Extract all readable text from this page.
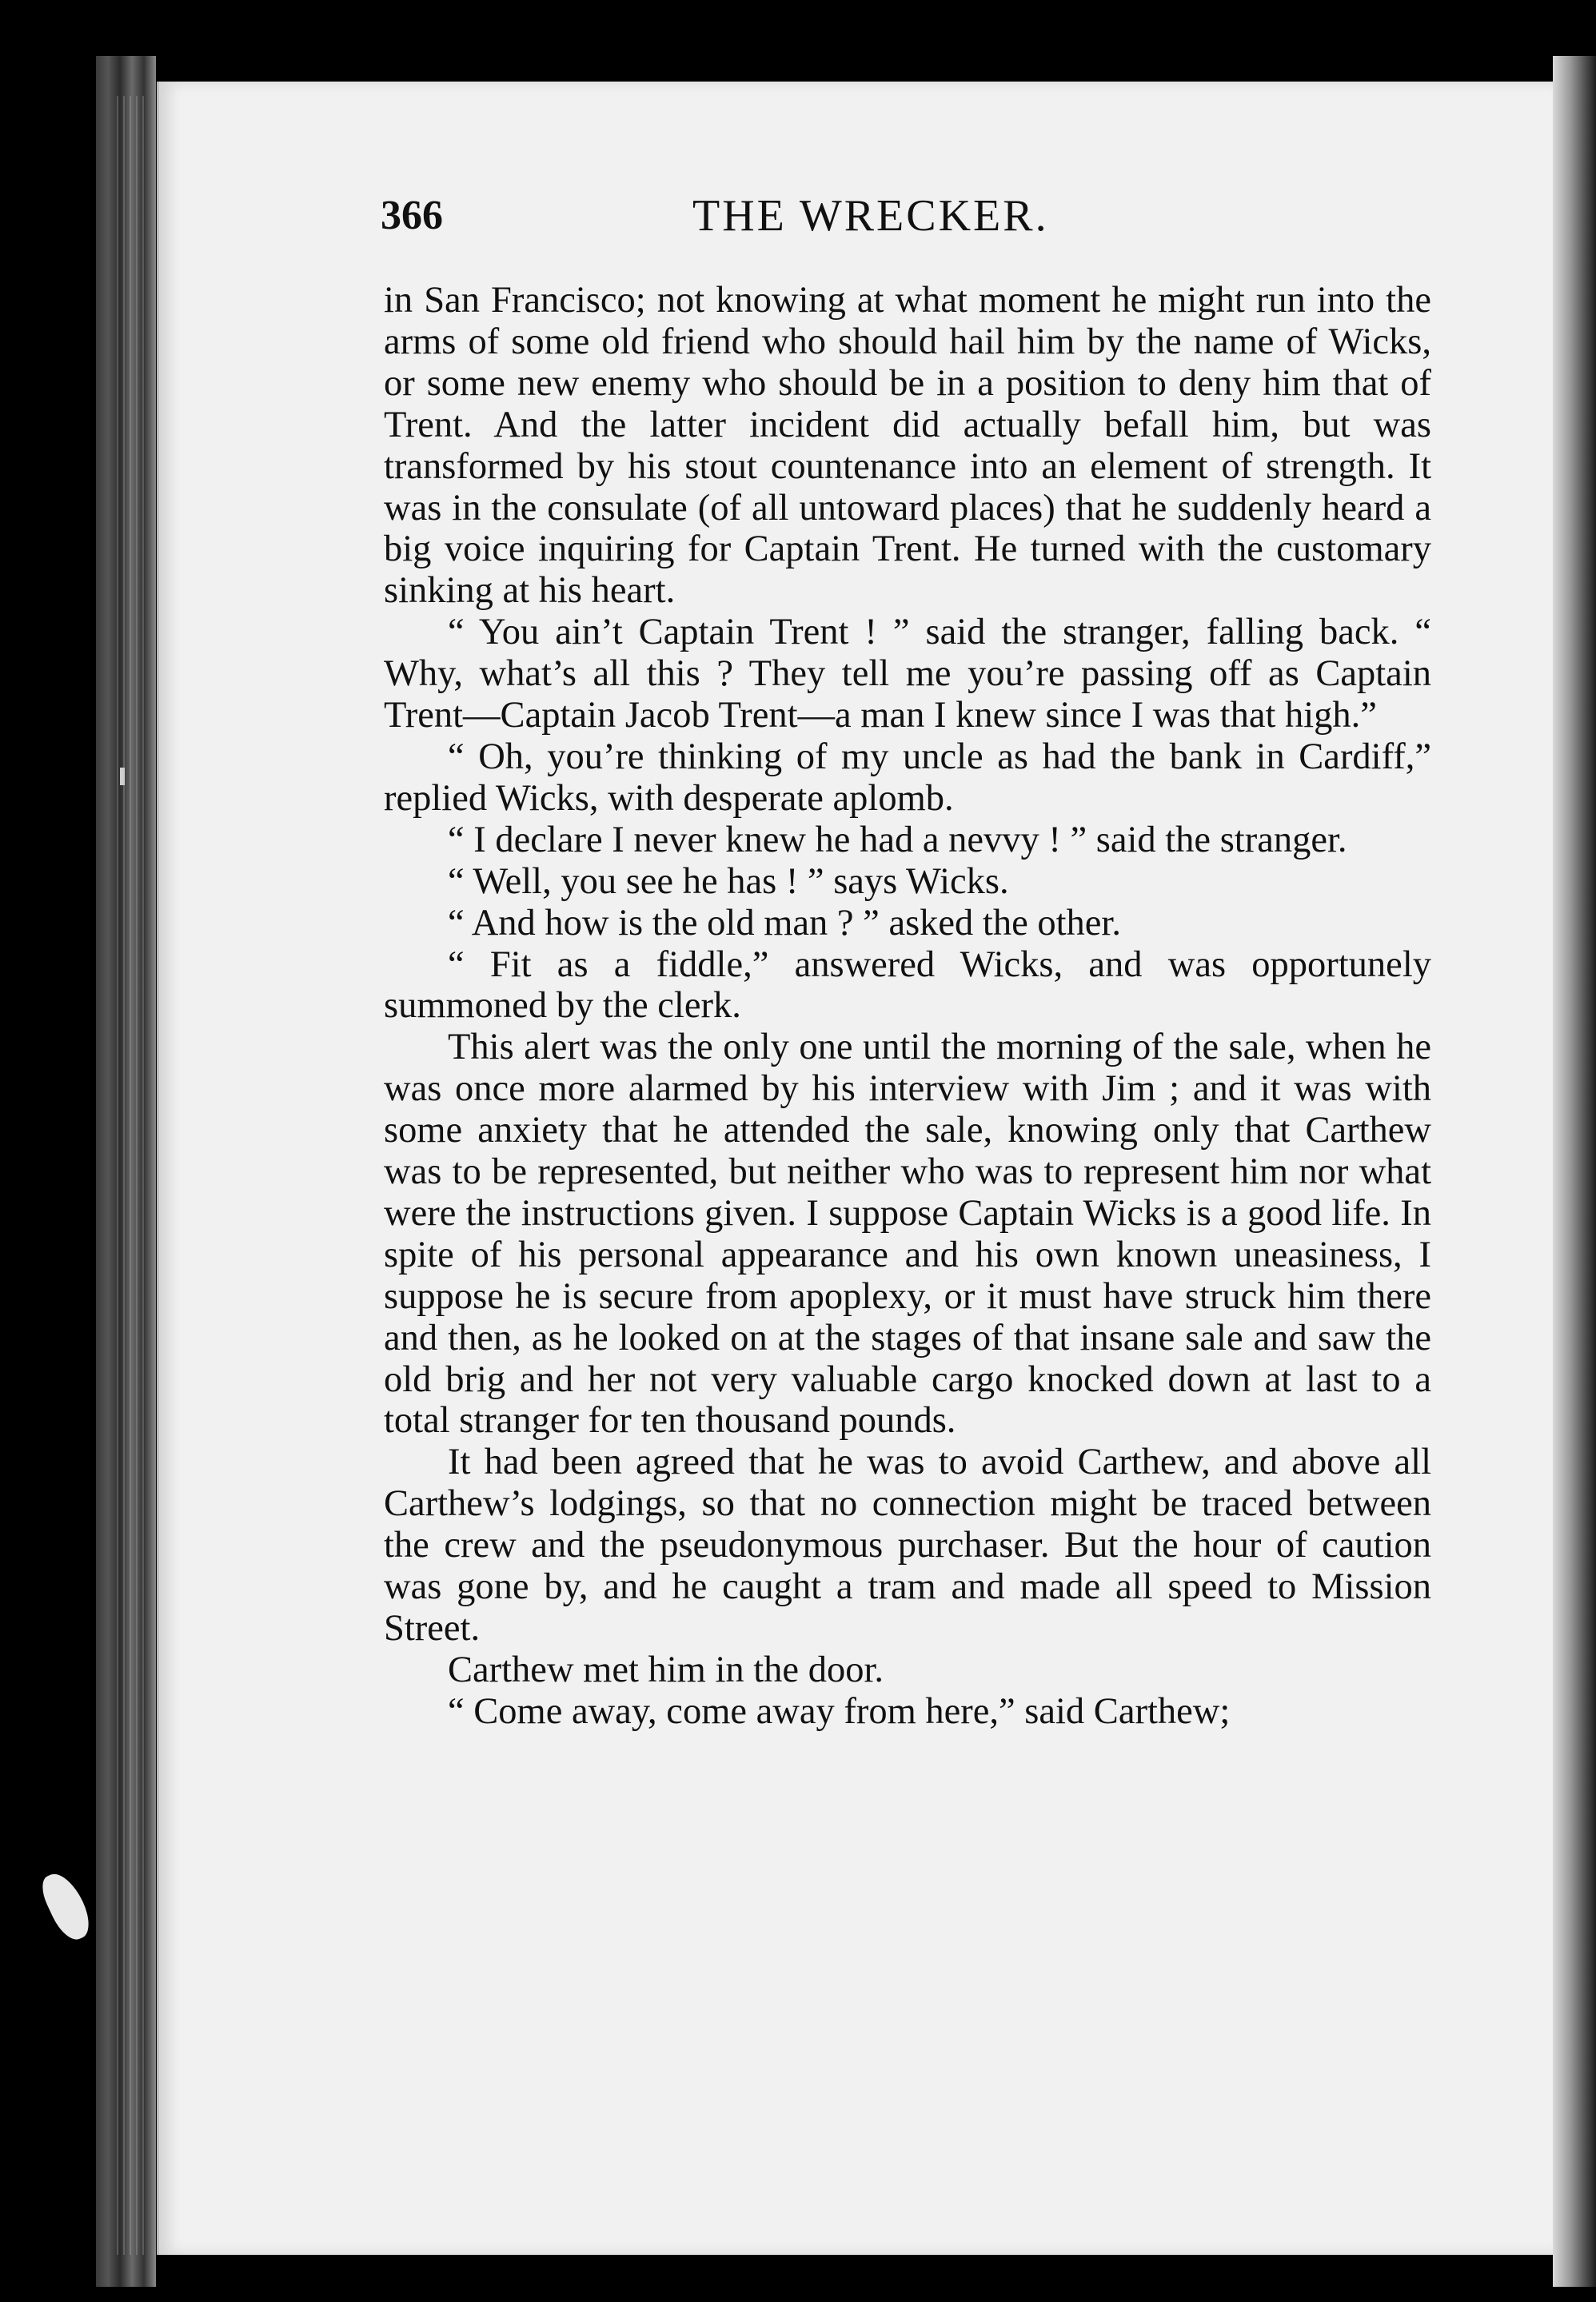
366	THE WRECKER.

in San Francisco; not knowing at what moment he might run into the arms of some old friend who should hail him by the name of Wicks, or some new enemy who should be in a position to deny him that of Trent. And the latter incident did actually befall him, but was transformed by his stout countenance into an element of strength. It was in the consulate (of all untoward places) that he suddenly heard a big voice inquiring for Captain Trent. He turned with the customary sinking at his heart.

“ You ain’t Captain Trent ! ” said the stranger, falling back. “ Why, what’s all this ? They tell me you’re passing off as Captain Trent—Captain Jacob Trent—a man I knew since I was that high.”

“ Oh, you’re thinking of my uncle as had the bank in Cardiff,” replied Wicks, with desperate aplomb.

“ I declare I never knew he had a nevvy ! ” said the stranger.

“ Well, you see he has ! ” says Wicks.

“ And how is the old man ? ” asked the other.

“ Fit as a fiddle,” answered Wicks, and was opportunely summoned by the clerk.

This alert was the only one until the morning of the sale, when he was once more alarmed by his interview with Jim ; and it was with some anxiety that he attended the sale, knowing only that Carthew was to be represented, but neither who was to represent him nor what were the instructions given. I suppose Captain Wicks is a good life. In spite of his personal appearance and his own known uneasiness, I suppose he is secure from apoplexy, or it must have struck him there and then, as he looked on at the stages of that insane sale and saw the old brig and her not very valuable cargo knocked down at last to a total stranger for ten thousand pounds.

It had been agreed that he was to avoid Carthew, and above all Carthew’s lodgings, so that no connection might be traced between the crew and the pseudonymous purchaser. But the hour of caution was gone by, and he caught a tram and made all speed to Mission Street.

Carthew met him in the door.

“ Come away, come away from here,” said Carthew;
